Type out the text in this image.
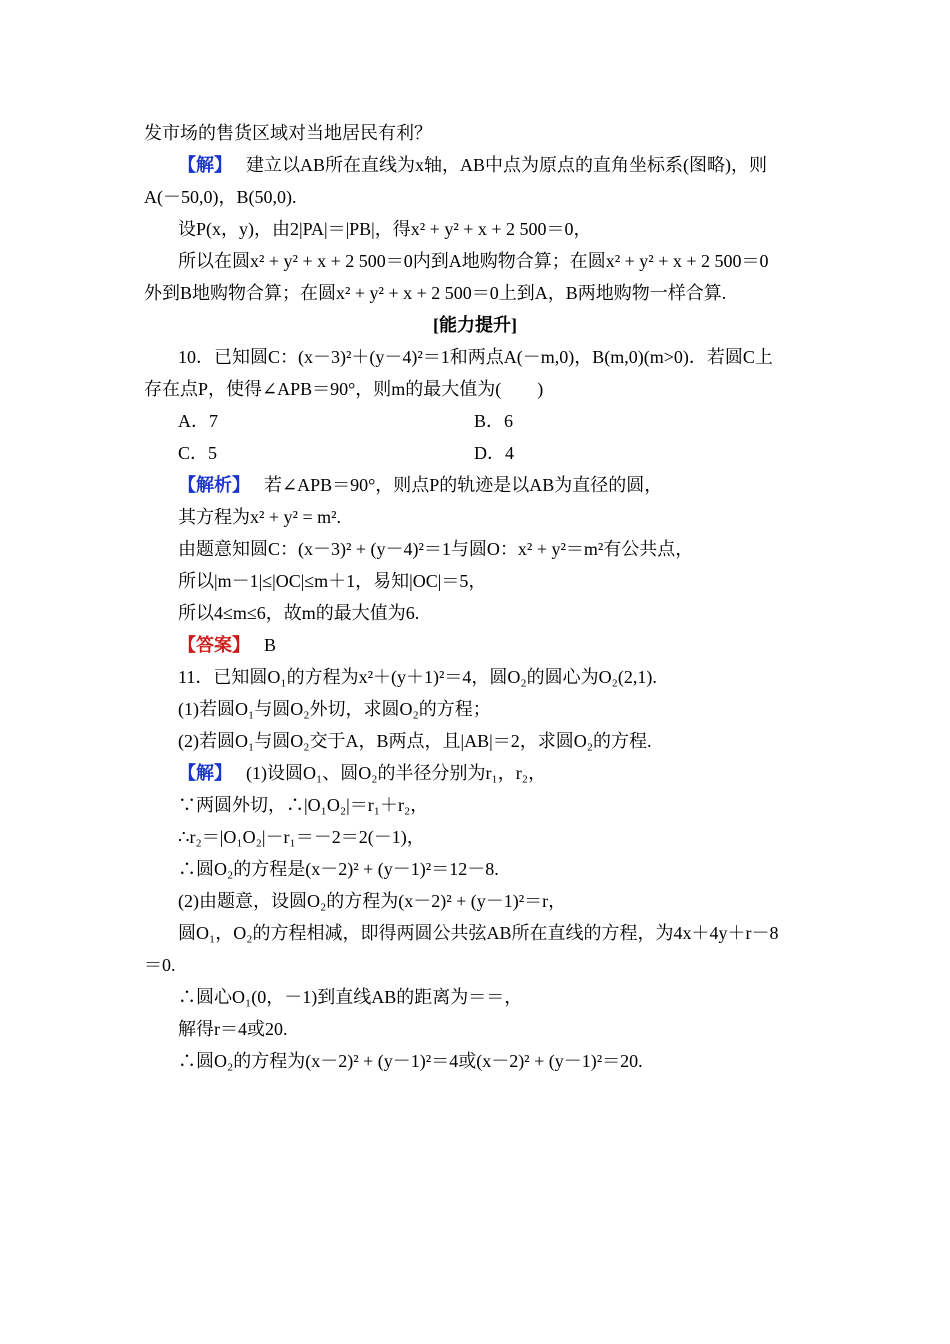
发市场的售货区域对当地居民有利？
【解】 建立以AB所在直线为x轴，AB中点为原点的直角坐标系(图略)，则
A(－50,0)，B(50,0).
设P(x，y)，由2|PA|＝|PB|，得x² + y² + x + 2 500＝0，
所以在圆x² + y² + x + 2 500＝0内到A地购物合算；在圆x² + y² + x + 2 500＝0
外到B地购物合算；在圆x² + y² + x + 2 500＝0上到A，B两地购物一样合算.
[能力提升]
10．已知圆C：(x－3)²＋(y－4)²＝1和两点A(－m,0)，B(m,0)(m>0)．若圆C上
存在点P，使得∠APB＝90°，则m的最大值为(　　)
A．7	B．6
C．5	D．4
【解析】 若∠APB＝90°，则点P的轨迹是以AB为直径的圆，
其方程为x² + y² = m².
由题意知圆C：(x－3)² + (y－4)²＝1与圆O：x² + y²＝m²有公共点，
所以|m－1|≤|OC|≤m＋1，易知|OC|＝5，
所以4≤m≤6，故m的最大值为6.
【答案】 B
11．已知圆O₁的方程为x²＋(y＋1)²＝4，圆O₂的圆心为O₂(2,1).
(1)若圆O₁与圆O₂外切，求圆O₂的方程；
(2)若圆O₁与圆O₂交于A，B两点，且|AB|＝2，求圆O₂的方程.
【解】 (1)设圆O₁、圆O₂的半径分别为r₁，r₂，
∵两圆外切，∴|O₁O₂|＝r₁＋r₂，
∴r₂＝|O₁O₂|－r₁＝－2＝2(－1)，
∴圆O₂的方程是(x－2)² + (y－1)²＝12－8.
(2)由题意，设圆O₂的方程为(x－2)² + (y－1)²＝r，
圆O₁，O₂的方程相减，即得两圆公共弦AB所在直线的方程，为4x＋4y＋r－8
＝0.
∴圆心O₁(0，－1)到直线AB的距离为＝＝，
解得r＝4或20.
∴圆O₂的方程为(x－2)² + (y－1)²＝4或(x－2)² + (y－1)²＝20.
